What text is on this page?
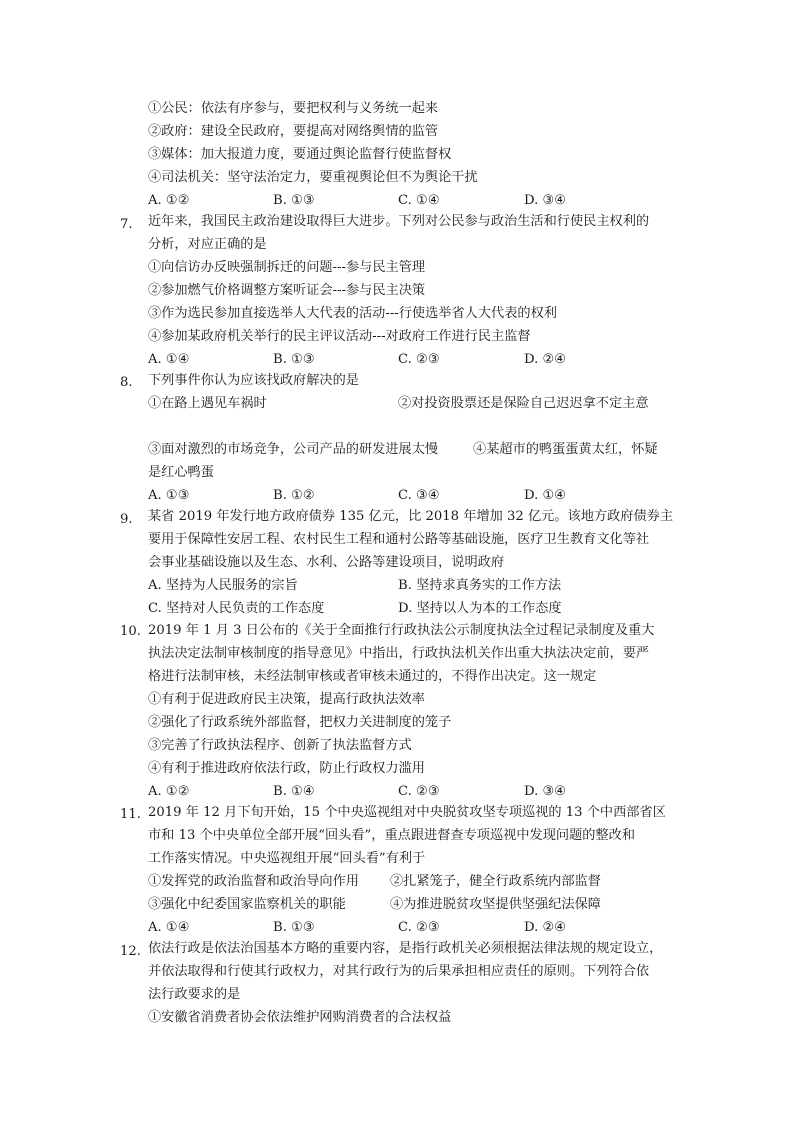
①公民：依法有序参与，要把权利与义务统一起来
②政府：建设全民政府，要提高对网络舆情的监管
③媒体：加大报道力度，要通过舆论监督行使监督权
④司法机关：坚守法治定力，要重视舆论但不为舆论干扰
A. ①②	B. ①③	C. ①④	D. ③④
7. 近年来，我国民主政治建设取得巨大进步。下列对公民参与政治生活和行使民主权利的
分析，对应正确的是
①向信访办反映强制拆迁的问题---参与民主管理
②参加燃气价格调整方案听证会---参与民主决策
③作为选民参加直接选举人大代表的活动---行使选举省人大代表的权利
④参加某政府机关举行的民主评议活动---对政府工作进行民主监督
A. ①④	B. ①③	C. ②③	D. ②④
8. 下列事件你认为应该找政府解决的是
①在路上遇见车祸时	②对投资股票还是保险自己迟迟拿不定主意
③面对激烈的市场竞争，公司产品的研发进展太慢	④某超市的鸭蛋蛋黄太红，怀疑
是红心鸭蛋
A. ①③	B. ①②	C. ③④	D. ①④
9. 某省 2019 年发行地方政府债券 135 亿元，比 2018 年增加 32 亿元。该地方政府债券主
要用于保障性安居工程、农村民生工程和通村公路等基础设施，医疗卫生教育文化等社
会事业基础设施以及生态、水利、公路等建设项目，说明政府
A. 坚持为人民服务的宗旨	B. 坚持求真务实的工作方法
C. 坚持对人民负责的工作态度	D. 坚持以人为本的工作态度
10. 2019 年 1 月 3 日公布的《关于全面推行行政执法公示制度执法全过程记录制度及重大
执法决定法制审核制度的指导意见》中指出，行政执法机关作出重大执法决定前，要严
格进行法制审核，未经法制审核或者审核未通过的，不得作出决定。这一规定
①有利于促进政府民主决策，提高行政执法效率
②强化了行政系统外部监督，把权力关进制度的笼子
③完善了行政执法程序、创新了执法监督方式
④有利于推进政府依法行政，防止行政权力滥用
A. ①②	B. ①④	C. ②③	D. ③④
11. 2019 年 12 月下旬开始，15 个中央巡视组对中央脱贫攻坚专项巡视的 13 个中西部省区
市和 13 个中央单位全部开展“回头看”，重点跟进督查专项巡视中发现问题的整改和
工作落实情况。中央巡视组开展“回头看”有利于
①发挥党的政治监督和政治导向作用 ②扎紧笼子，健全行政系统内部监督
③强化中纪委国家监察机关的职能	④为推进脱贫攻坚提供坚强纪法保障
A. ①④	B. ①③	C. ②③	D. ②④
12. 依法行政是依法治国基本方略的重要内容，是指行政机关必须根据法律法规的规定设立，
并依法取得和行使其行政权力，对其行政行为的后果承担相应责任的原则。下列符合依
法行政要求的是
①安徽省消费者协会依法维护网购消费者的合法权益
